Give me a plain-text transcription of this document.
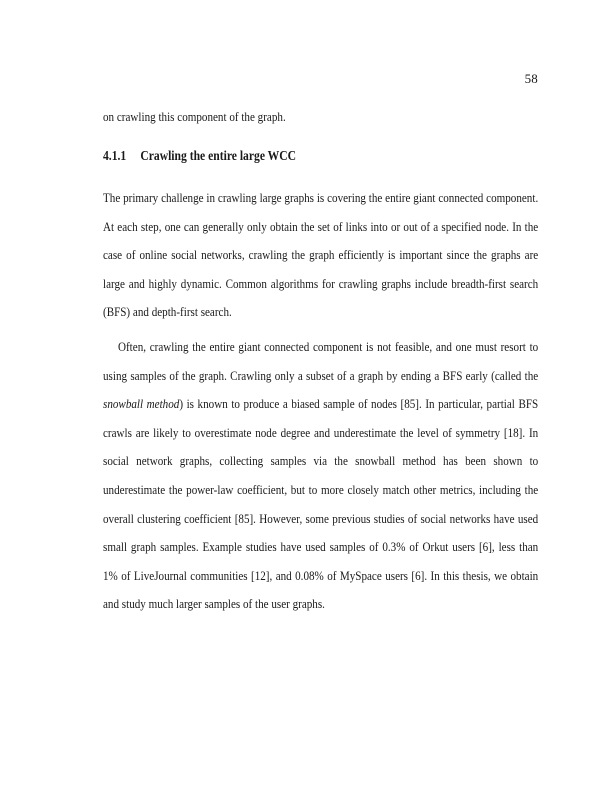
58

on crawling this component of the graph.

4.1.1 Crawling the entire large WCC

The primary challenge in crawling large graphs is covering the entire giant connected component. At each step, one can generally only obtain the set of links into or out of a specified node. In the case of online social networks, crawling the graph efficiently is important since the graphs are large and highly dynamic. Common algorithms for crawling graphs include breadth-first search (BFS) and depth-first search.

Often, crawling the entire giant connected component is not feasible, and one must resort to using samples of the graph. Crawling only a subset of a graph by ending a BFS early (called the snowball method) is known to produce a biased sample of nodes [85]. In particular, partial BFS crawls are likely to overestimate node degree and underestimate the level of symmetry [18]. In social network graphs, collecting samples via the snowball method has been shown to underestimate the power-law coefficient, but to more closely match other metrics, including the overall clustering coefficient [85]. However, some previous studies of social networks have used small graph samples. Example studies have used samples of 0.3% of Orkut users [6], less than 1% of LiveJournal communities [12], and 0.08% of MySpace users [6]. In this thesis, we obtain and study much larger samples of the user graphs.
